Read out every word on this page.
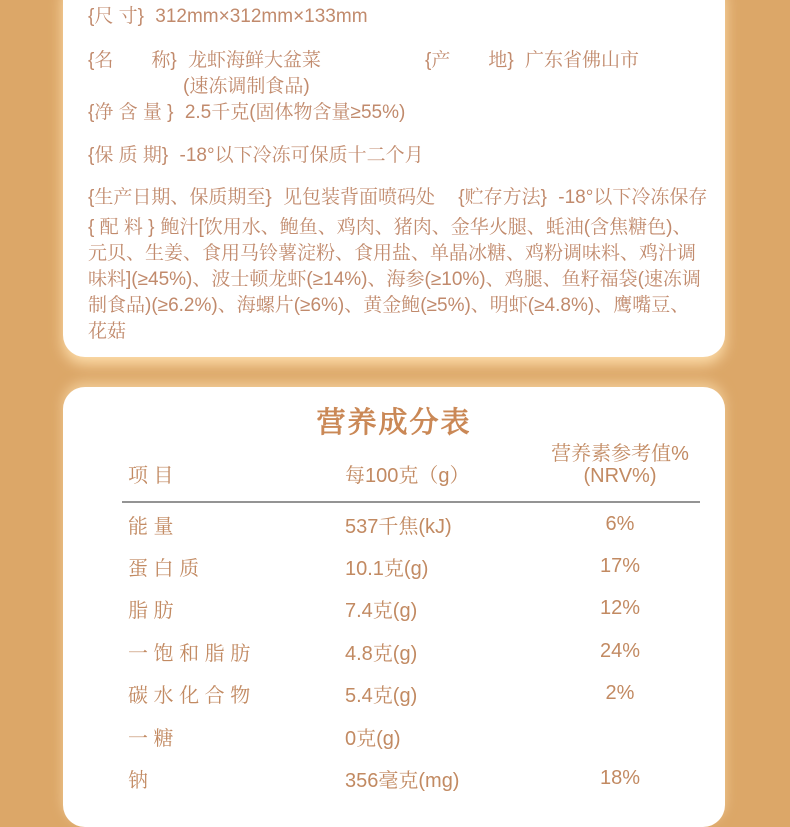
{尺 寸} 312mm×312mm×133mm
{名　　称} 龙虾海鲜大盆菜
(速冻调制食品)
{产　　地} 广东省佛山市
{净 含 量 } 2.5千克(固体物含量≥55%)
{保 质 期} -18°以下冷冻可保质十二个月
{生产日期、保质期至} 见包装背面喷码处 {贮存方法} -18°以下冷冻保存
{ 配 料 } 鲍汁[饮用水、鲍鱼、鸡肉、猪肉、金华火腿、蚝油(含焦糖色)、元贝、生姜、食用马铃薯淀粉、食用盐、单晶冰糖、鸡粉调味料、鸡汁调味料](≥45%)、波士顿龙虾(≥14%)、海参(≥10%)、鸡腿、鱼籽福袋(速冻调制食品)(≥6.2%)、海螺片(≥6%)、黄金鲍(≥5%)、明虾(≥4.8%)、鹰嘴豆、花菇
营养成分表
项 目	每100克（g）
营养素参考值%
(NRV%)
能 量	537千焦(kJ)	6%
蛋 白 质	10.1克(g)	17%
脂 肪	7.4克(g)	12%
一 饱 和 脂 肪	4.8克(g)	24%
碳 水 化 合 物	5.4克(g)	2%
一 糖	0克(g)
钠	356毫克(mg)	18%
